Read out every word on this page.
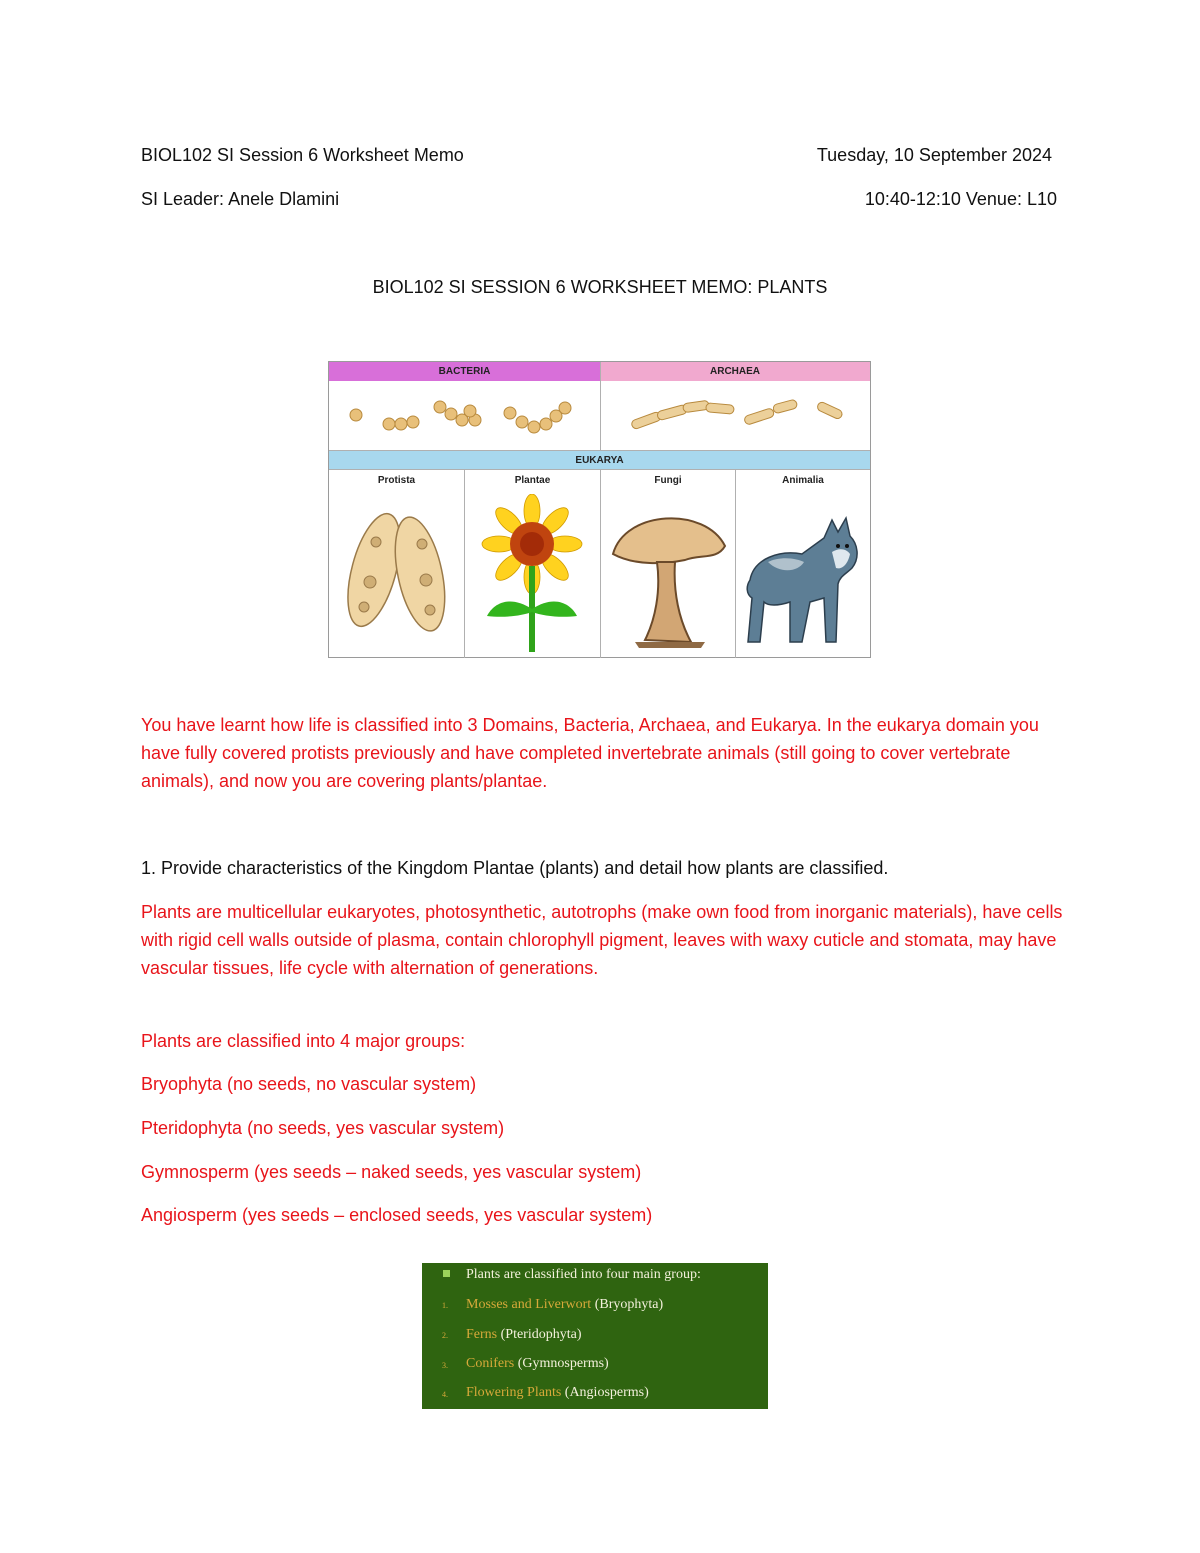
BIOL102 SI Session 6 Worksheet Memo	Tuesday, 10 September 2024
SI Leader: Anele Dlamini	10:40-12:10 Venue: L10
BIOL102 SI SESSION 6 WORKSHEET MEMO: PLANTS
BACTERIA	ARCHAEA
EUKARYA
Protista	Plantae	Fungi	Animalia
You have learnt how life is classified into 3 Domains, Bacteria, Archaea, and Eukarya. In the eukarya domain you have fully covered protists previously and have completed invertebrate animals (still going to cover vertebrate animals), and now you are covering plants/plantae.
1. Provide characteristics of the Kingdom Plantae (plants) and detail how plants are classified.
Plants are multicellular eukaryotes, photosynthetic, autotrophs (make own food from inorganic materials), have cells with rigid cell walls outside of plasma, contain chlorophyll pigment, leaves with waxy cuticle and stomata, may have vascular tissues, life cycle with alternation of generations.
Plants are classified into 4 major groups:
Bryophyta (no seeds, no vascular system)
Pteridophyta (no seeds, yes vascular system)
Gymnosperm (yes seeds – naked seeds, yes vascular system)
Angiosperm (yes seeds – enclosed seeds, yes vascular system)
Plants are classified into four main group:
1. Mosses and Liverwort (Bryophyta)
2. Ferns (Pteridophyta)
3. Conifers (Gymnosperms)
4. Flowering Plants (Angiosperms)
